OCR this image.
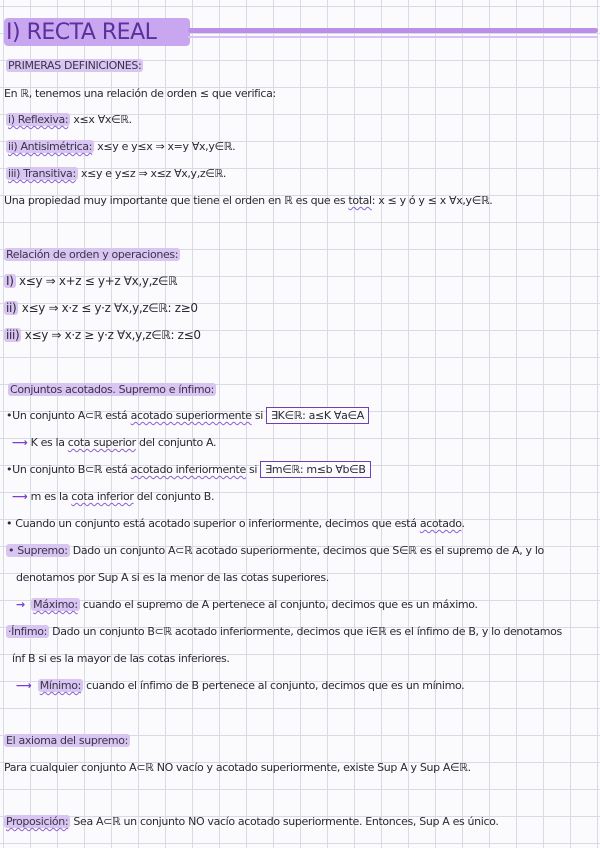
I) RECTA REAL
PRIMERAS DEFINICIONES:
En ℝ, tenemos una relación de orden ≤ que verifica:
i) Reflexiva: x≤x ∀x∈ℝ.
ii) Antisimétrica: x≤y e y≤x ⇒ x=y ∀x,y∈ℝ.
iii) Transitiva: x≤y e y≤z ⇒ x≤z ∀x,y,z∈ℝ.
Una propiedad muy importante que tiene el orden en ℝ es que es total: x ≤ y ó y ≤ x ∀x,y∈ℝ.
Relación de orden y operaciones:
I) x≤y ⇒ x+z ≤ y+z ∀x,y,z∈ℝ
ii) x≤y ⇒ x·z ≤ y·z ∀x,y,z∈ℝ: z≥0
iii) x≤y ⇒ x·z ≥ y·z ∀x,y,z∈ℝ: z≤0
Conjuntos acotados. Supremo e ínfimo:
•Un conjunto A⊂ℝ está acotado superiormente si ∃K∈ℝ: a≤K ∀a∈A
⟶ K es la cota superior del conjunto A.
•Un conjunto B⊂ℝ está acotado inferiormente si ∃m∈ℝ: m≤b ∀b∈B
⟶ m es la cota inferior del conjunto B.
• Cuando un conjunto está acotado superior o inferiormente, decimos que está acotado.
• Supremo: Dado un conjunto A⊂ℝ acotado superiormente, decimos que S∈ℝ es el supremo de A, y lo
denotamos por Sup A si es la menor de las cotas superiores.
→ Máximo: cuando el supremo de A pertenece al conjunto, decimos que es un máximo.
·Ínfimo: Dado un conjunto B⊂ℝ acotado inferiormente, decimos que i∈ℝ es el ínfimo de B, y lo denotamos
ínf B si es la mayor de las cotas inferiores.
⟶ Mínimo: cuando el ínfimo de B pertenece al conjunto, decimos que es un mínimo.
El axioma del supremo:
Para cualquier conjunto A⊂ℝ NO vacío y acotado superiormente, existe Sup A y Sup A∈ℝ.
Proposición: Sea A⊂ℝ un conjunto NO vacío acotado superiormente. Entonces, Sup A es único.
